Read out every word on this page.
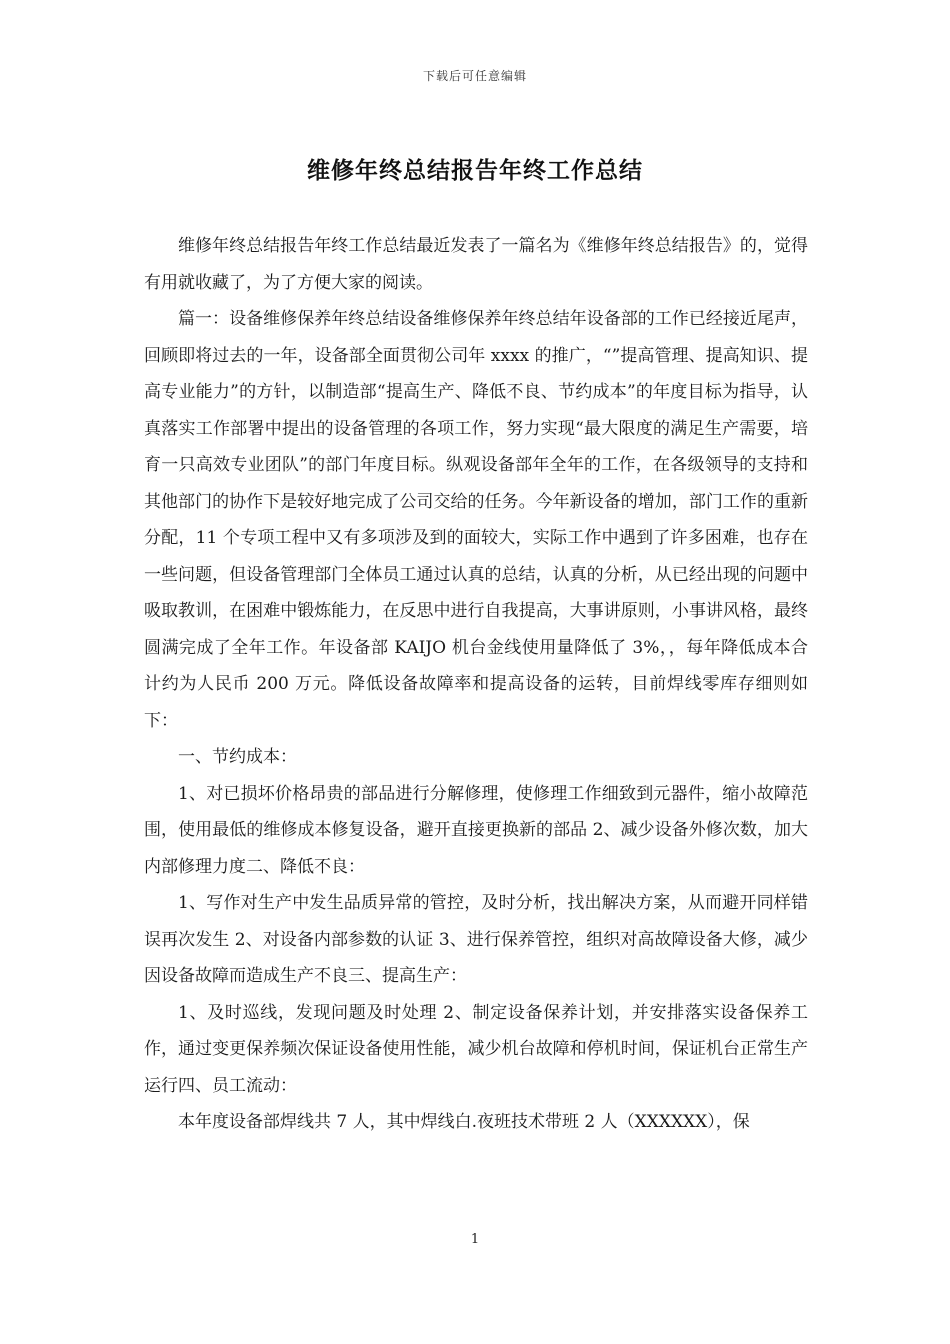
下载后可任意编辑
维修年终总结报告年终工作总结

维修年终总结报告年终工作总结最近发表了一篇名为《维修年终总结报告》的，觉得有用就收藏了，为了方便大家的阅读。

篇一：设备维修保养年终总结设备维修保养年终总结年设备部的工作已经接近尾声，回顾即将过去的一年，设备部全面贯彻公司年 xxxx 的推广，“”提高管理、提高知识、提高专业能力”的方针，以制造部“提高生产、降低不良、节约成本”的年度目标为指导，认真落实工作部署中提出的设备管理的各项工作，努力实现“最大限度的满足生产需要，培育一只高效专业团队”的部门年度目标。纵观设备部年全年的工作，在各级领导的支持和其他部门的协作下是较好地完成了公司交给的任务。今年新设备的增加，部门工作的重新分配，11 个专项工程中又有多项涉及到的面较大，实际工作中遇到了许多困难，也存在一些问题，但设备管理部门全体员工通过认真的总结，认真的分析，从已经出现的问题中吸取教训，在困难中锻炼能力，在反思中进行自我提高，大事讲原则，小事讲风格，最终圆满完成了全年工作。年设备部 KAIJO 机台金线使用量降低了 3%，，每年降低成本合计约为人民币 200 万元。降低设备故障率和提高设备的运转，目前焊线零库存细则如下：

一、节约成本：

1、对已损坏价格昂贵的部品进行分解修理，使修理工作细致到元器件，缩小故障范围，使用最低的维修成本修复设备，避开直接更换新的部品 2、减少设备外修次数，加大内部修理力度二、降低不良：

1、写作对生产中发生品质异常的管控，及时分析，找出解决方案，从而避开同样错误再次发生 2、对设备内部参数的认证 3、进行保养管控，组织对高故障设备大修，减少因设备故障而造成生产不良三、提高生产：

1、及时巡线，发现问题及时处理 2、制定设备保养计划，并安排落实设备保养工作，通过变更保养频次保证设备使用性能，减少机台故障和停机时间，保证机台正常生产运行四、员工流动：

本年度设备部焊线共 7 人，其中焊线白.夜班技术带班 2 人（XXXXXX），保

1
